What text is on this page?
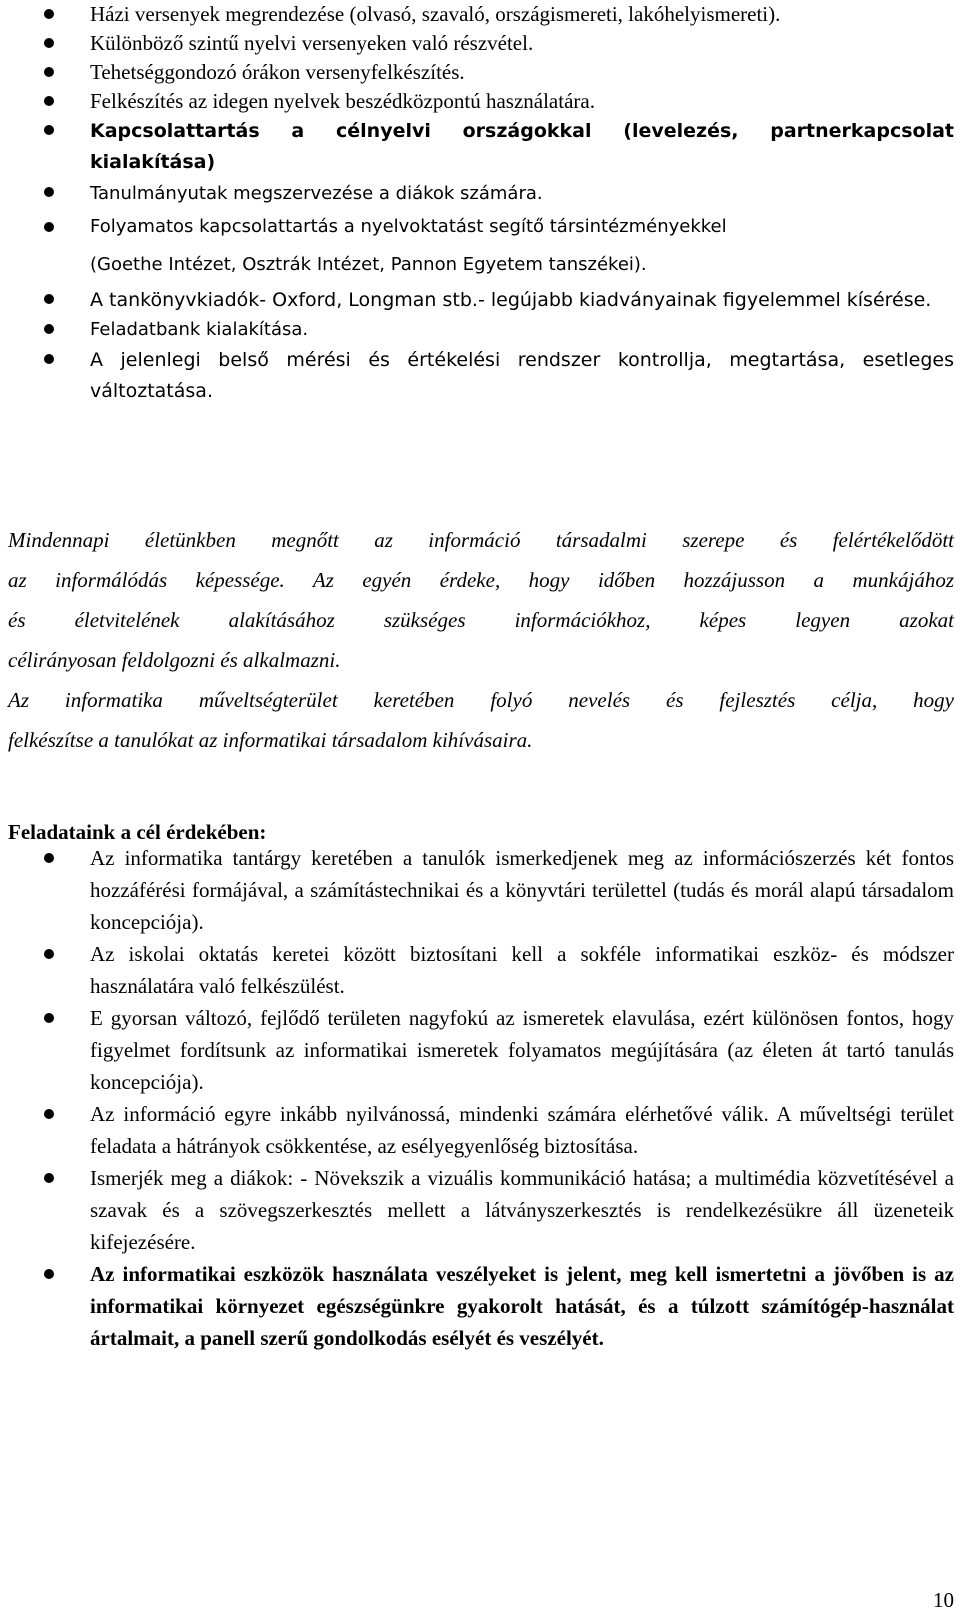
Házi versenyek megrendezése (olvasó, szavaló, országismereti, lakóhelyismereti).
Különböző szintű nyelvi versenyeken való részvétel.
Tehetséggondozó órákon versenyfelkészítés.
Felkészítés az idegen nyelvek beszédközpontú használatára.
Kapcsolattartás a célnyelvi országokkal (levelezés, partnerkapcsolat kialakítása)
Tanulmányutak megszervezése a diákok számára.
Folyamatos kapcsolattartás a nyelvoktatást segítő társintézményekkel
(Goethe Intézet, Osztrák Intézet, Pannon Egyetem tanszékei).
A tankönyvkiadók- Oxford, Longman stb.- legújabb kiadványainak figyelemmel kísérése.
Feladatbank kialakítása.
A jelenlegi belső mérési és értékelési rendszer kontrollja, megtartása, esetleges változtatása.
Mindennapi életünkben megnőtt az információ társadalmi szerepe és felértékelődött
az informálódás képessége. Az egyén érdeke, hogy időben hozzájusson a munkájához
és életvitelének alakításához szükséges információkhoz, képes legyen azokat
célirányosan feldolgozni és alkalmazni.
Az informatika műveltségterület keretében folyó nevelés és fejlesztés célja, hogy
felkészítse a tanulókat az informatikai társadalom kihívásaira.
Feladataink a cél érdekében:
Az informatika tantárgy keretében a tanulók ismerkedjenek meg az információszerzés két fontos hozzáférési formájával, a számítástechnikai és a könyvtári területtel (tudás és morál alapú társadalom koncepciója).
Az iskolai oktatás keretei között biztosítani kell a sokféle informatikai eszköz- és módszer használatára való felkészülést.
E gyorsan változó, fejlődő területen nagyfokú az ismeretek elavulása, ezért különösen fontos, hogy figyelmet fordítsunk az informatikai ismeretek folyamatos megújítására (az életen át tartó tanulás koncepciója).
Az információ egyre inkább nyilvánossá, mindenki számára elérhetővé válik. A műveltségi terület feladata a hátrányok csökkentése, az esélyegyenlőség biztosítása.
Ismerjék meg a diákok: - Növekszik a vizuális kommunikáció hatása; a multimédia közvetítésével a szavak és a szövegszerkesztés mellett a látványszerkesztés is rendelkezésükre áll üzeneteik kifejezésére.
Az informatikai eszközök használata veszélyeket is jelent, meg kell ismertetni a jövőben is az informatikai környezet egészségünkre gyakorolt hatását, és a túlzott számítógép-használat ártalmait, a panell szerű gondolkodás esélyét és veszélyét.
10
